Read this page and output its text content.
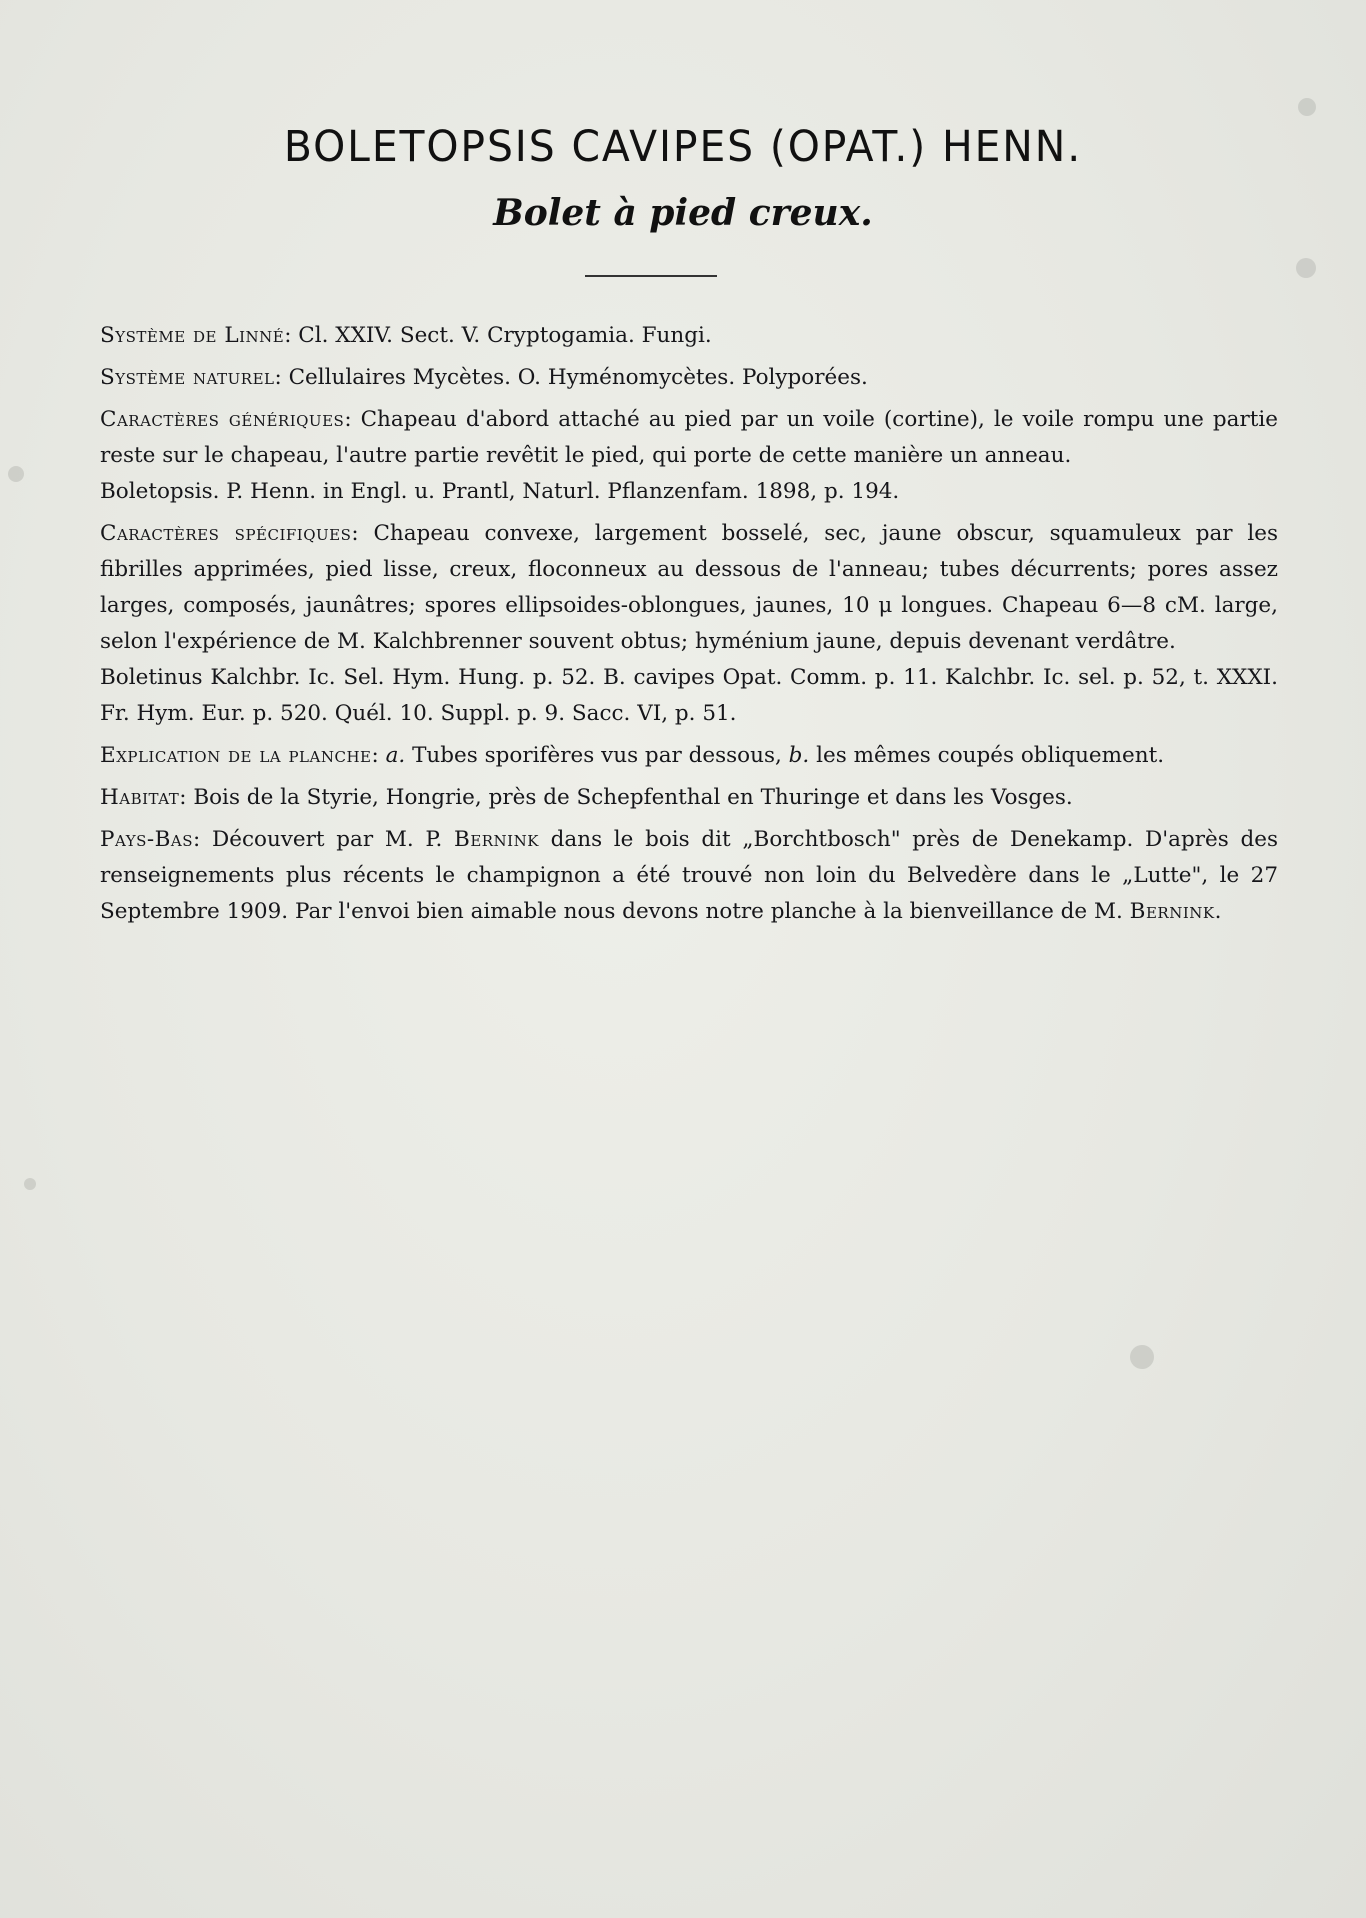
BOLETOPSIS CAVIPES (OPAT.) HENN.
Bolet à pied creux.

Système de Linné: Cl. XXIV. Sect. V. Cryptogamia. Fungi.

Système naturel: Cellulaires Mycètes. O. Hyménomycètes. Polyporées.

Caractères génériques: Chapeau d'abord attaché au pied par un voile (cortine), le voile rompu une partie reste sur le chapeau, l'autre partie revêtit le pied, qui porte de cette manière un anneau.

Boletopsis. P. Henn. in Engl. u. Prantl, Naturl. Pflanzenfam. 1898, p. 194.

Caractères spécifiques: Chapeau convexe, largement bosselé, sec, jaune obscur, squamuleux par les fibrilles apprimées, pied lisse, creux, floconneux au dessous de l'anneau; tubes décurrents; pores assez larges, composés, jaunâtres; spores ellipsoides-oblongues, jaunes, 10 μ longues. Chapeau 6—8 cM. large, selon l'expérience de M. Kalchbrenner souvent obtus; hyménium jaune, depuis devenant verdâtre.

Boletinus Kalchbr. Ic. Sel. Hym. Hung. p. 52. B. cavipes Opat. Comm. p. 11. Kalchbr. Ic. sel. p. 52, t. XXXI. Fr. Hym. Eur. p. 520. Quél. 10. Suppl. p. 9. Sacc. VI, p. 51.

Explication de la planche: a. Tubes sporifères vus par dessous, b. les mêmes coupés obliquement.

Habitat: Bois de la Styrie, Hongrie, près de Schepfenthal en Thuringe et dans les Vosges.

Pays-Bas: Découvert par M. P. Bernink dans le bois dit „Borchtbosch" près de Denekamp. D'après des renseignements plus récents le champignon a été trouvé non loin du Belvedère dans le „Lutte", le 27 Septembre 1909. Par l'envoi bien aimable nous devons notre planche à la bienveillance de M. Bernink.
